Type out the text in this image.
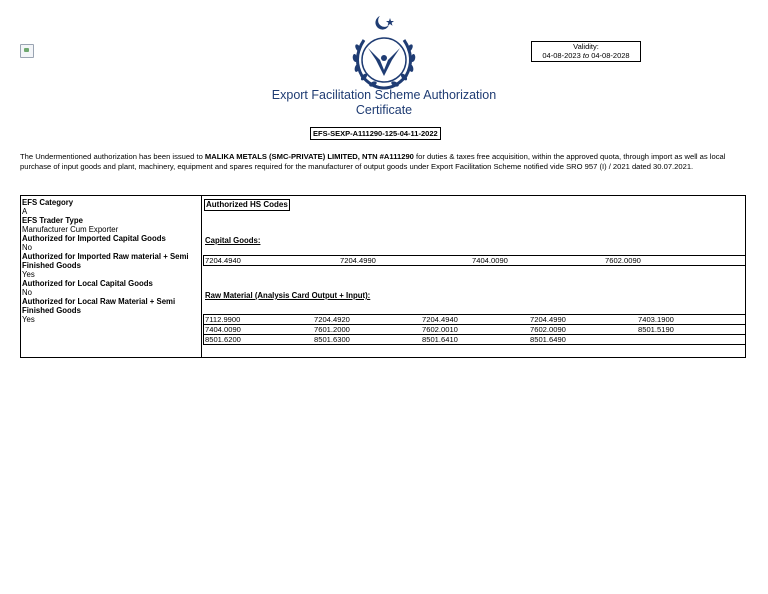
Validity:
04-08-2023 to 04-08-2028
Export Facilitation Scheme Authorization
Certificate
EFS-SEXP-A111290-125-04-11-2022
The Undermentioned authorization has been issued to MALIKA METALS (SMC-PRIVATE) LIMITED, NTN #A111290 for duties & taxes free acquisition, within the approved quota, through import as well as local purchase of input goods and plant, machinery, equipment and spares required for the manufacturer of output goods under Export Facilitation Scheme notified vide SRO 957 (I) / 2021 dated 30.07.2021.
EFS Category
A
EFS Trader Type
Manufacturer Cum Exporter
Authorized for Imported Capital Goods
No
Authorized for Imported Raw material + Semi Finished Goods
Yes
Authorized for Local Capital Goods
No
Authorized for Local Raw Material + Semi Finished Goods
Yes
Authorized HS Codes
Capital Goods:
7204.4940	7204.4990	7404.0090	7602.0090
Raw Material (Analysis Card Output + Input):
7112.9900	7204.4920	7204.4940	7204.4990	7403.1900
7404.0090	7601.2000	7602.0010	7602.0090	8501.5190
8501.6200	8501.6300	8501.6410	8501.6490
